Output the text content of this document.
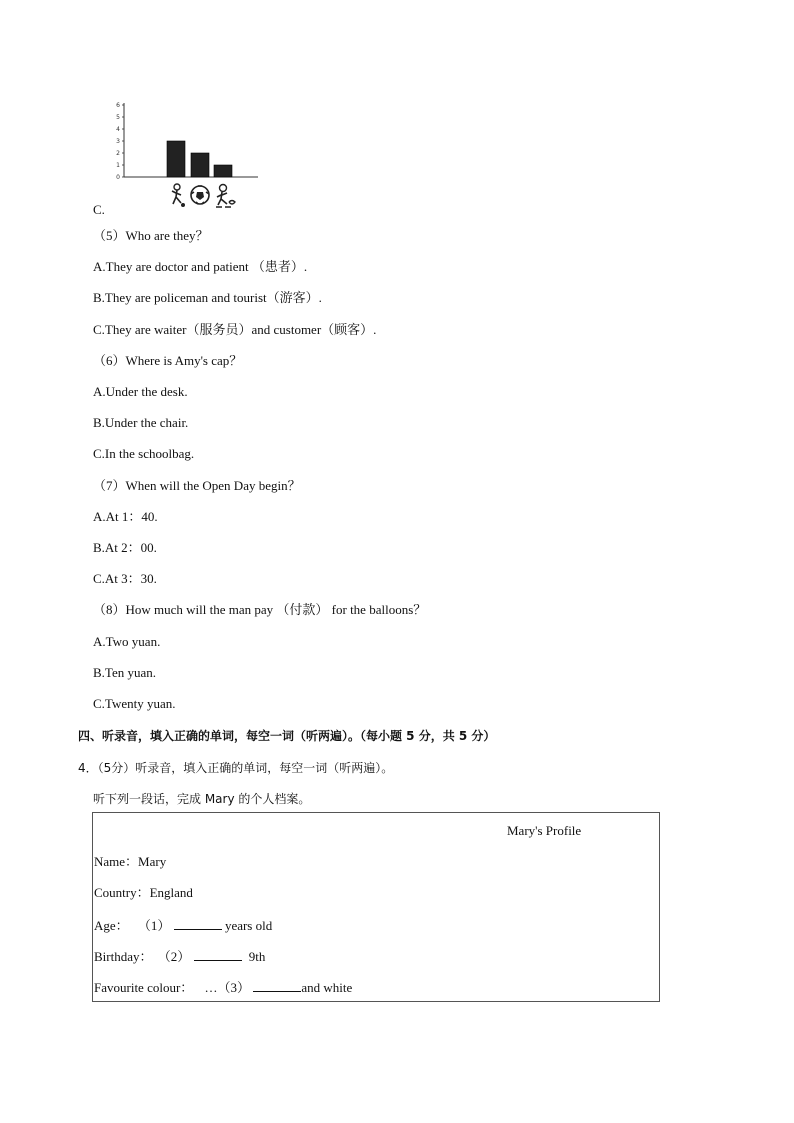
0
1
2
3
4
5
6
C.
（5）Who are they？
A.They are doctor and patient （患者）.
B.They are policeman and tourist（游客）.
C.They are waiter（服务员）and customer（顾客）.
（6）Where is Amy's cap？
A.Under the desk.
B.Under the chair.
C.In the schoolbag.
（7）When will the Open Day begin？
A.At 1：40.
B.At 2：00.
C.At 3：30.
（8）How much will the man pay （付款） for the balloons？
A.Two yuan.
B.Ten yuan.
C.Twenty yuan.
四、听录音，填入正确的单词，每空一词（听两遍）。（每小题 5 分，共 5 分）
4．（5分）听录音，填入正确的单词，每空一词（听两遍）。
听下列一段话，完成 Mary 的个人档案。
Mary's Profile
Name：Mary
Country：England
Age： （1）	years old
Birthday： （2）	9th
Favourite colour： …（3）	and white
